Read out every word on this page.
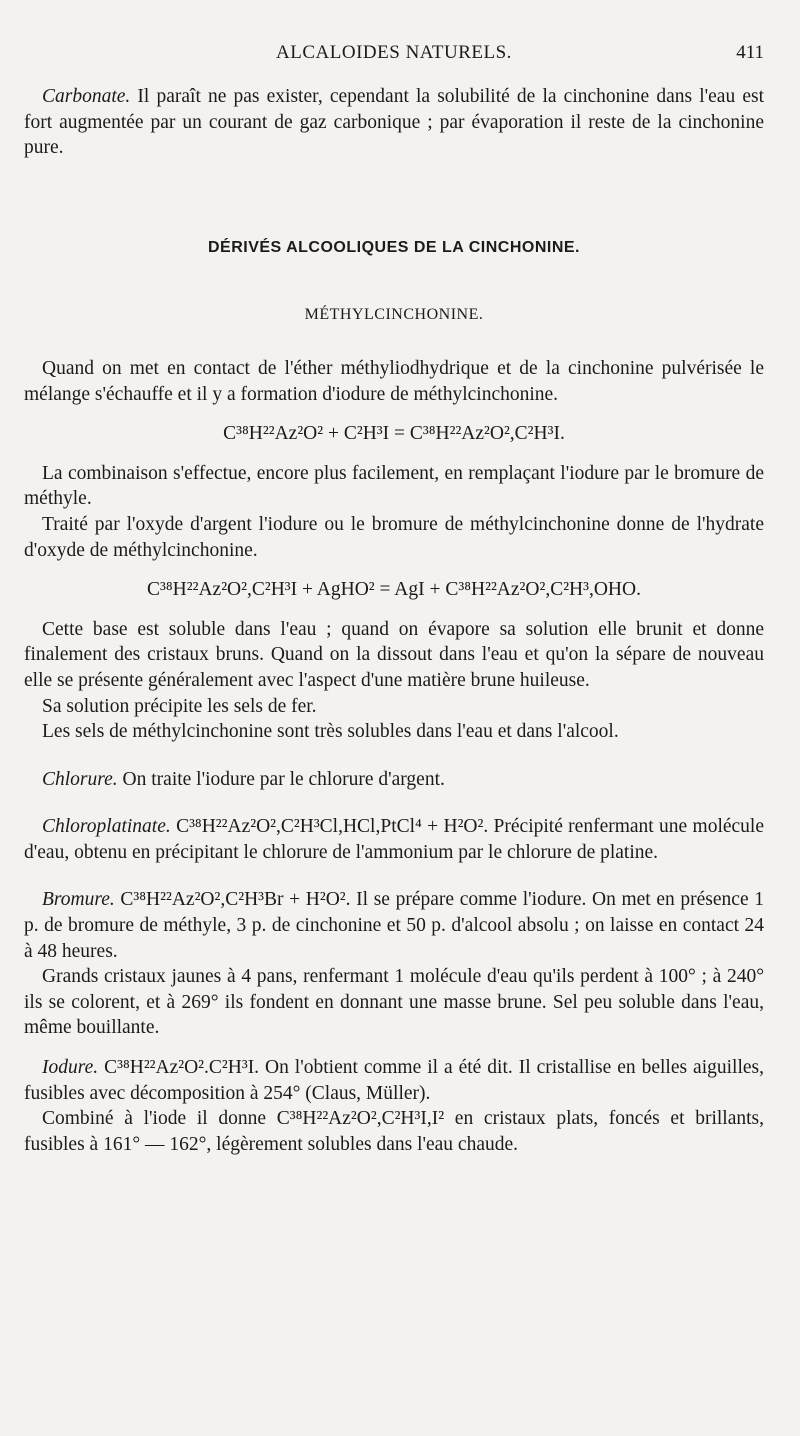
ALCALOIDES NATURELS.	411

Carbonate. Il paraît ne pas exister, cependant la solubilité de la cinchonine dans l'eau est fort augmentée par un courant de gaz carbonique ; par évaporation il reste de la cinchonine pure.

DÉRIVÉS ALCOOLIQUES DE LA CINCHONINE.
MÉTHYLCINCHONINE.

Quand on met en contact de l'éther méthyliodhydrique et de la cinchonine pulvérisée le mélange s'échauffe et il y a formation d'iodure de méthylcinchonine.

C³⁸H²²Az²O² + C²H³I = C³⁸H²²Az²O²,C²H³I.

La combinaison s'effectue, encore plus facilement, en remplaçant l'iodure par le bromure de méthyle.

Traité par l'oxyde d'argent l'iodure ou le bromure de méthylcinchonine donne de l'hydrate d'oxyde de méthylcinchonine.

C³⁸H²²Az²O²,C²H³I + AgHO² = AgI + C³⁸H²²Az²O²,C²H³,OHO.

Cette base est soluble dans l'eau ; quand on évapore sa solution elle brunit et donne finalement des cristaux bruns. Quand on la dissout dans l'eau et qu'on la sépare de nouveau elle se présente généralement avec l'aspect d'une matière brune huileuse.

Sa solution précipite les sels de fer.

Les sels de méthylcinchonine sont très solubles dans l'eau et dans l'alcool.

Chlorure. On traite l'iodure par le chlorure d'argent.

Chloroplatinate. C³⁸H²²Az²O²,C²H³Cl,HCl,PtCl⁴ + H²O². Précipité renfermant une molécule d'eau, obtenu en précipitant le chlorure de l'ammonium par le chlorure de platine.

Bromure. C³⁸H²²Az²O²,C²H³Br + H²O². Il se prépare comme l'iodure. On met en présence 1 p. de bromure de méthyle, 3 p. de cinchonine et 50 p. d'alcool absolu ; on laisse en contact 24 à 48 heures.

Grands cristaux jaunes à 4 pans, renfermant 1 molécule d'eau qu'ils perdent à 100° ; à 240° ils se colorent, et à 269° ils fondent en donnant une masse brune. Sel peu soluble dans l'eau, même bouillante.

Iodure. C³⁸H²²Az²O².C²H³I. On l'obtient comme il a été dit. Il cristallise en belles aiguilles, fusibles avec décomposition à 254° (Claus, Müller).

Combiné à l'iode il donne C³⁸H²²Az²O²,C²H³I,I² en cristaux plats, foncés et brillants, fusibles à 161° — 162°, légèrement solubles dans l'eau chaude.
